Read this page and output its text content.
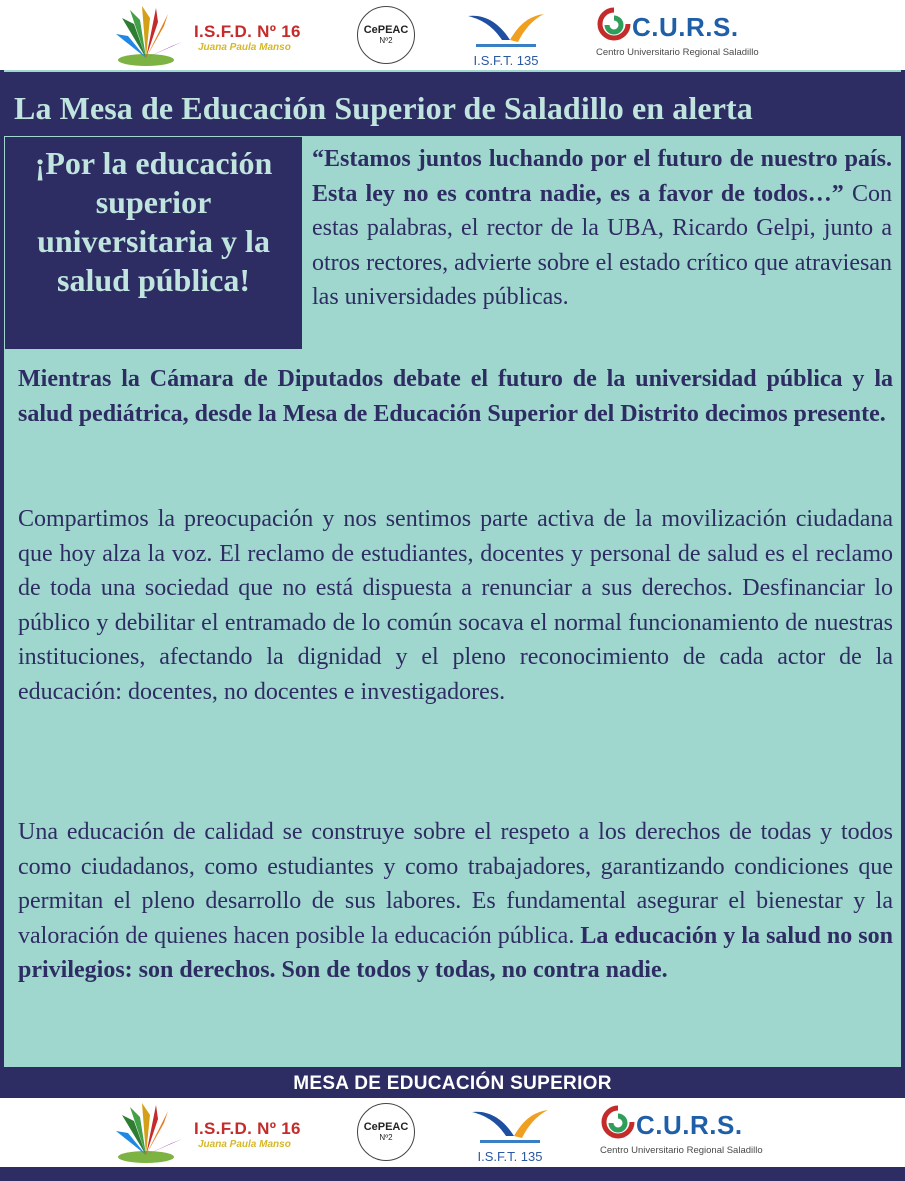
I.S.F.D. Nº 16
Juana Paula Manso
CePEAC
Nº2
I.S.F.T. 135
C.U.R.S.
Centro Universitario Regional Saladillo
La Mesa de Educación Superior de Saladillo en alerta
¡Por la educación superior universitaria y la salud pública!
“Estamos juntos luchando por el futuro de nuestro país. Esta ley no es contra nadie, es a favor de todos…” Con estas palabras, el rector de la UBA, Ricardo Gelpi, junto a otros rectores, advierte sobre el estado crítico que atraviesan las universidades públicas.
Mientras la Cámara de Diputados debate el futuro de la universidad pública y la salud pediátrica, desde la Mesa de Educación Superior del Distrito decimos presente.
Compartimos la preocupación y nos sentimos parte activa de la movilización ciudadana que hoy alza la voz. El reclamo de estudiantes, docentes y personal de salud es el reclamo de toda una sociedad que no está dispuesta a renunciar a sus derechos. Desfinanciar lo público y debilitar el entramado de lo común socava el normal funcionamiento de nuestras instituciones, afectando la dignidad y el pleno reconocimiento de cada actor de la educación: docentes, no docentes e investigadores.
Una educación de calidad se construye sobre el respeto a los derechos de todas y todos como ciudadanos, como estudiantes y como trabajadores, garantizando condiciones que permitan el pleno desarrollo de sus labores. Es fundamental asegurar el bienestar y la valoración de quienes hacen posible la educación pública. La educación y la salud no son privilegios: son derechos. Son de todos y todas, no contra nadie.
MESA DE EDUCACIÓN SUPERIOR
I.S.F.D. Nº 16
Juana Paula Manso
CePEAC
Nº2
I.S.F.T. 135
C.U.R.S.
Centro Universitario Regional Saladillo
